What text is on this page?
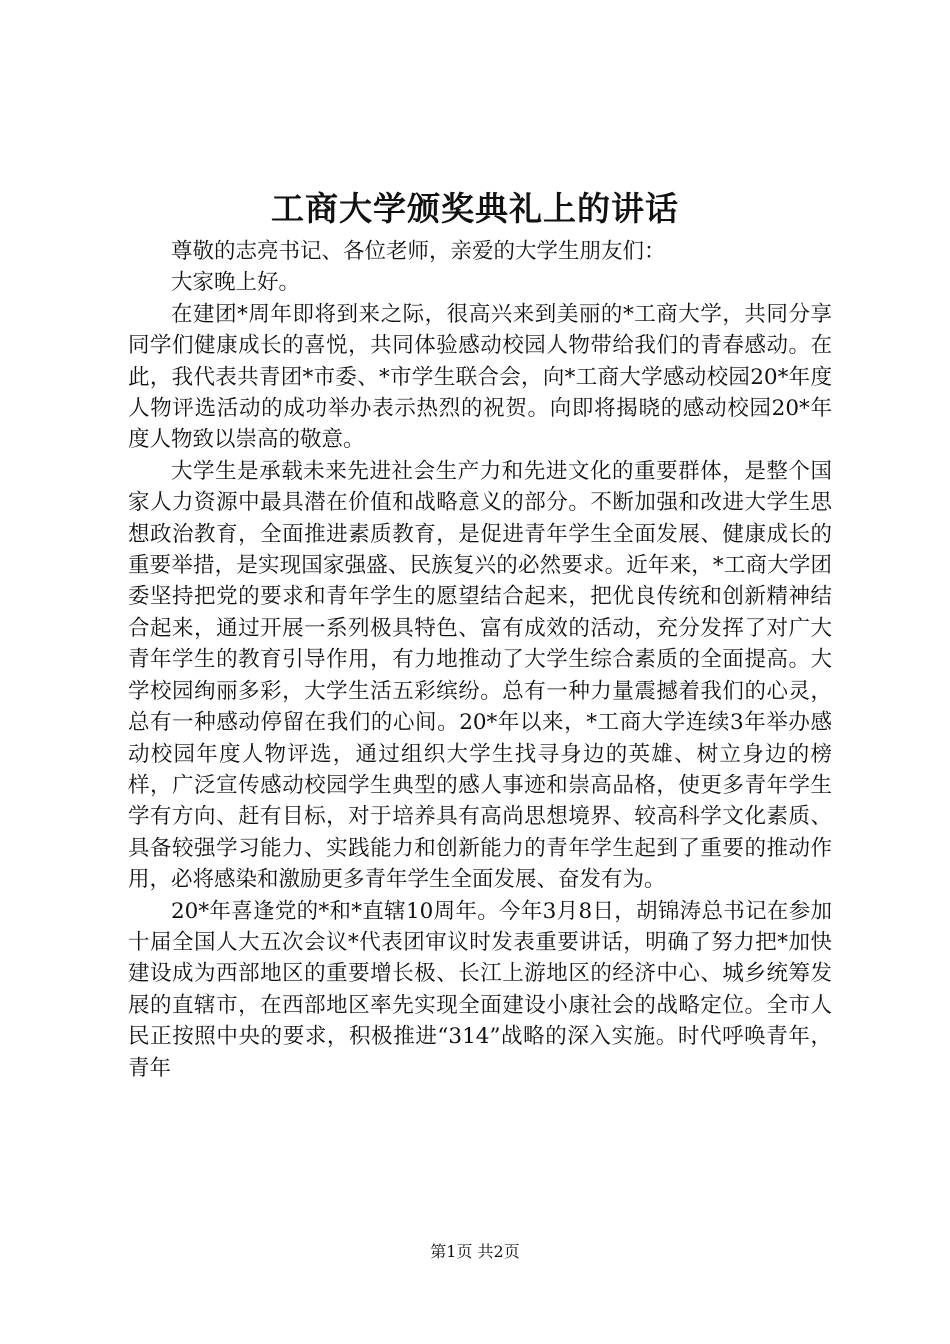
工商大学颁奖典礼上的讲话

尊敬的志亮书记、各位老师，亲爱的大学生朋友们：

大家晚上好。

在建团*周年即将到来之际，很高兴来到美丽的*工商大学，共同分享同学们健康成长的喜悦，共同体验感动校园人物带给我们的青春感动。在此，我代表共青团*市委、*市学生联合会，向*工商大学感动校园20*年度人物评选活动的成功举办表示热烈的祝贺。向即将揭晓的感动校园20*年度人物致以崇高的敬意。

大学生是承载未来先进社会生产力和先进文化的重要群体，是整个国家人力资源中最具潜在价值和战略意义的部分。不断加强和改进大学生思想政治教育，全面推进素质教育，是促进青年学生全面发展、健康成长的重要举措，是实现国家强盛、民族复兴的必然要求。近年来，*工商大学团委坚持把党的要求和青年学生的愿望结合起来，把优良传统和创新精神结合起来，通过开展一系列极具特色、富有成效的活动，充分发挥了对广大青年学生的教育引导作用，有力地推动了大学生综合素质的全面提高。大学校园绚丽多彩，大学生活五彩缤纷。总有一种力量震撼着我们的心灵，总有一种感动停留在我们的心间。20*年以来，*工商大学连续3年举办感动校园年度人物评选，通过组织大学生找寻身边的英雄、树立身边的榜样，广泛宣传感动校园学生典型的感人事迹和崇高品格，使更多青年学生学有方向、赶有目标，对于培养具有高尚思想境界、较高科学文化素质、具备较强学习能力、实践能力和创新能力的青年学生起到了重要的推动作用，必将感染和激励更多青年学生全面发展、奋发有为。

20*年喜逢党的*和*直辖10周年。今年3月8日，胡锦涛总书记在参加十届全国人大五次会议*代表团审议时发表重要讲话，明确了努力把*加快建设成为西部地区的重要增长极、长江上游地区的经济中心、城乡统筹发展的直辖市，在西部地区率先实现全面建设小康社会的战略定位。全市人民正按照中央的要求，积极推进“314”战略的深入实施。时代呼唤青年，青年

第1页 共2页
